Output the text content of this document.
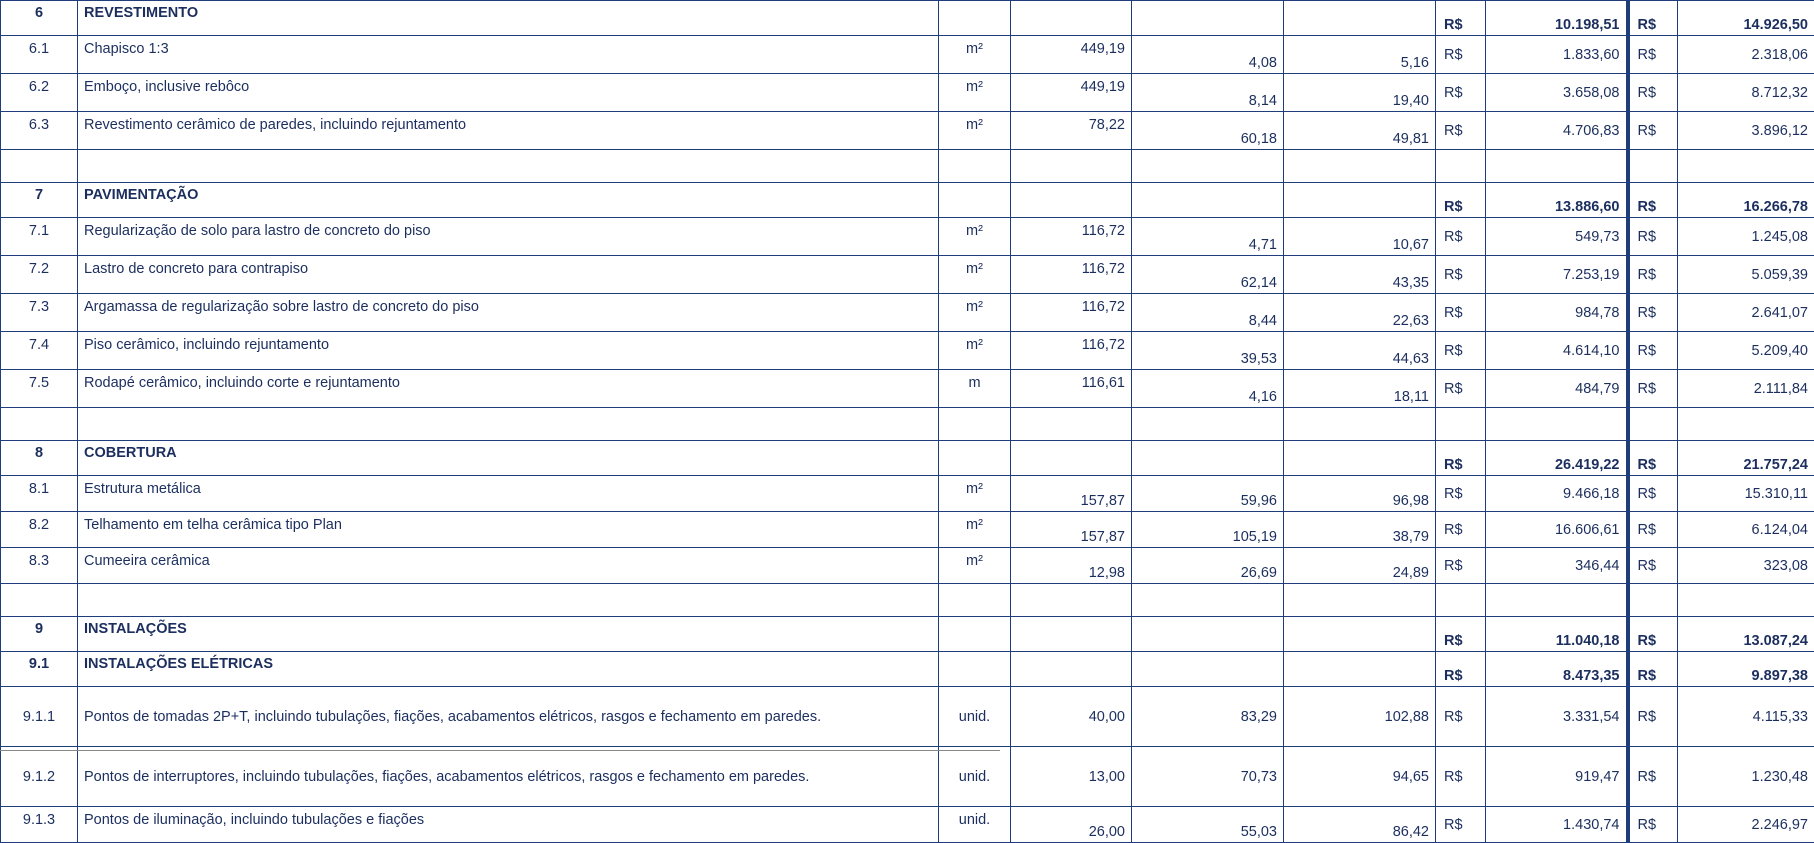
6	REVESTIMENTO					R$	10.198,51	R$	14.926,50
6.1	Chapisco 1:3	m²	449,19	4,08	5,16	R$	1.833,60	R$	2.318,06
6.2	Emboço, inclusive rebôco	m²	449,19	8,14	19,40	R$	3.658,08	R$	8.712,32
6.3	Revestimento cerâmico de paredes, incluindo rejuntamento	m²	78,22	60,18	49,81	R$	4.706,83	R$	3.896,12

7	PAVIMENTAÇÃO					R$	13.886,60	R$	16.266,78
7.1	Regularização de solo para lastro de concreto do piso	m²	116,72	4,71	10,67	R$	549,73	R$	1.245,08
7.2	Lastro de concreto para contrapiso	m²	116,72	62,14	43,35	R$	7.253,19	R$	5.059,39
7.3	Argamassa de regularização sobre lastro de concreto do piso	m²	116,72	8,44	22,63	R$	984,78	R$	2.641,07
7.4	Piso cerâmico, incluindo rejuntamento	m²	116,72	39,53	44,63	R$	4.614,10	R$	5.209,40
7.5	Rodapé cerâmico, incluindo corte e rejuntamento	m	116,61	4,16	18,11	R$	484,79	R$	2.111,84

8	COBERTURA					R$	26.419,22	R$	21.757,24
8.1	Estrutura metálica	m²	157,87	59,96	96,98	R$	9.466,18	R$	15.310,11
8.2	Telhamento em telha cerâmica tipo Plan	m²	157,87	105,19	38,79	R$	16.606,61	R$	6.124,04
8.3	Cumeeira cerâmica	m²	12,98	26,69	24,89	R$	346,44	R$	323,08

9	INSTALAÇÕES					R$	11.040,18	R$	13.087,24
9.1	INSTALAÇÕES ELÉTRICAS					R$	8.473,35	R$	9.897,38
9.1.1	Pontos de tomadas 2P+T, incluindo tubulações, fiações, acabamentos elétricos, rasgos e fechamento em paredes.	unid.	40,00	83,29	102,88	R$	3.331,54	R$	4.115,33
9.1.2	Pontos de interruptores, incluindo tubulações, fiações, acabamentos elétricos, rasgos e fechamento em paredes.	unid.	13,00	70,73	94,65	R$	919,47	R$	1.230,48
9.1.3	Pontos de iluminação, incluindo tubulações e fiações	unid.	26,00	55,03	86,42	R$	1.430,74	R$	2.246,97
